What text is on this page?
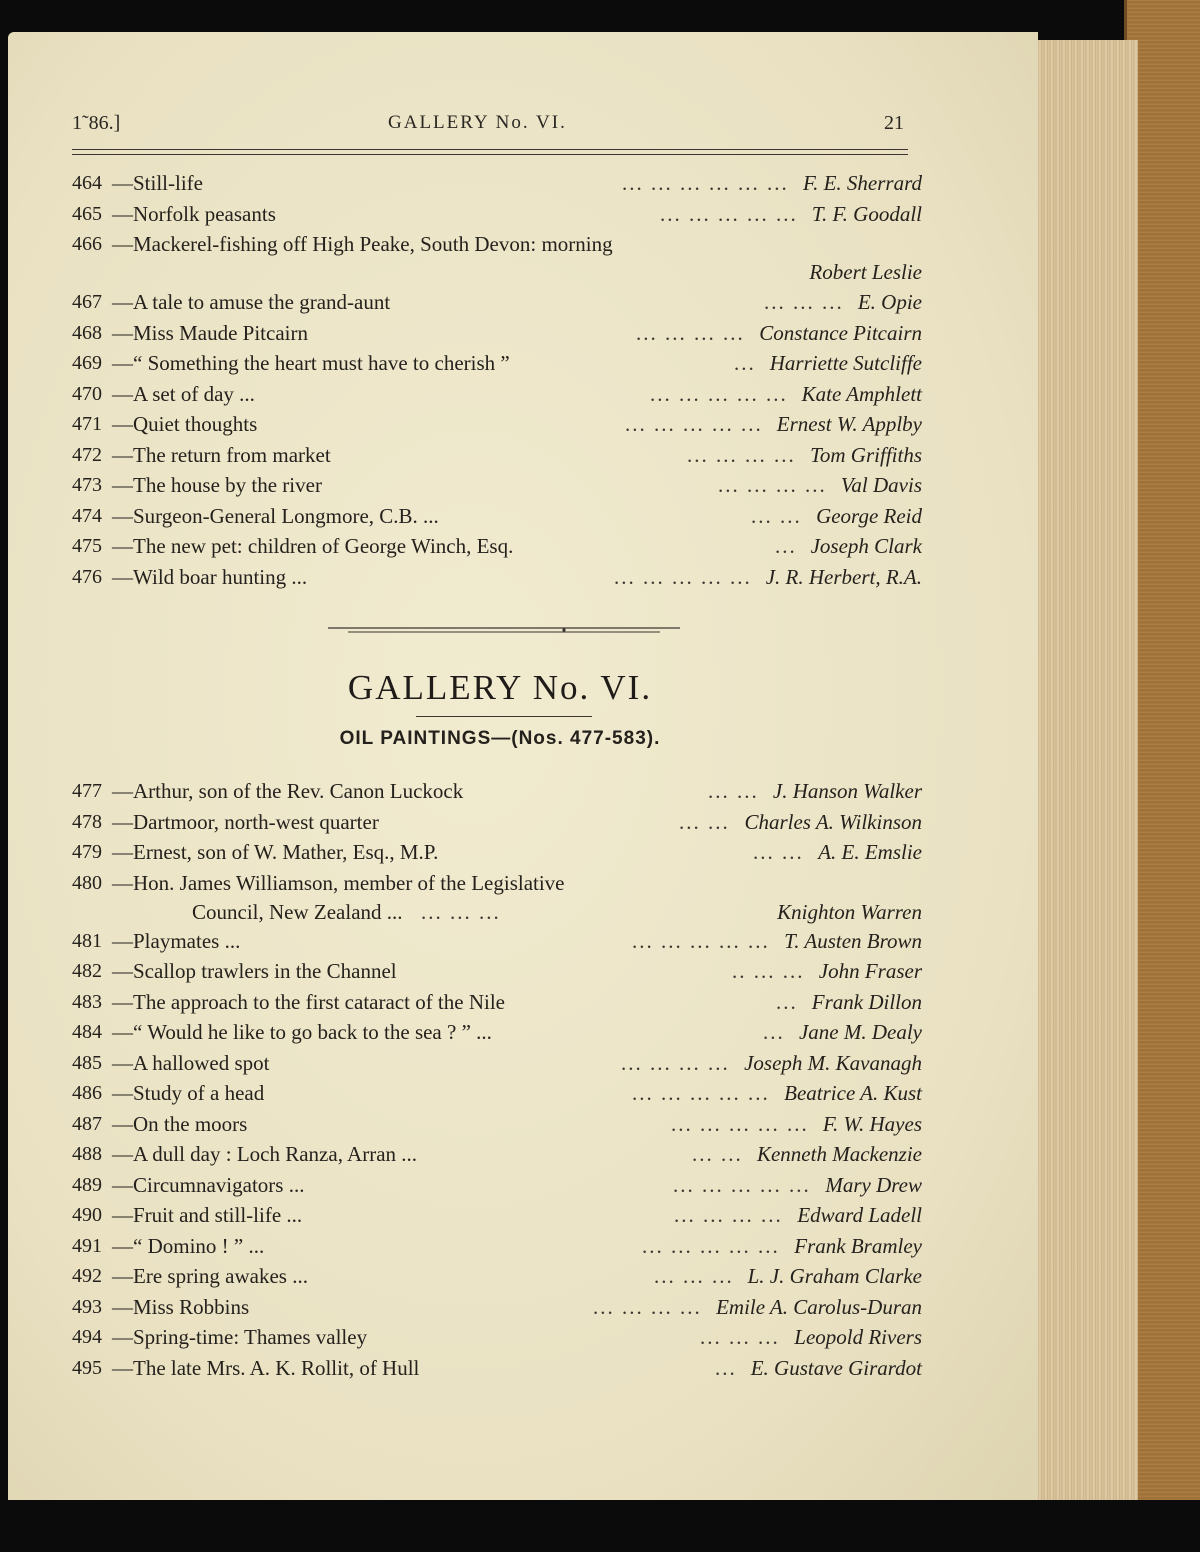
1˜86.]	GALLERY No. VI.	21
464 —Still-life	... ... ... ... ... ... F. E. Sherrard
465 —Norfolk peasants	... ... ... ... ... T. F. Goodall
466 —Mackerel-fishing off High Peake, South Devon: morning
Robert Leslie
467 —A tale to amuse the grand-aunt	... ... ... E. Opie
468 —Miss Maude Pitcairn	... ... ... ... Constance Pitcairn
469 —“ Something the heart must have to cherish ”	... Harriette Sutcliffe
470 —A set of day ...	... ... ... ... ... Kate Amphlett
471 —Quiet thoughts	... ... ... ... ... Ernest W. Applby
472 —The return from market	... ... ... ... Tom Griffiths
473 —The house by the river	... ... ... ... Val Davis
474 —Surgeon-General Longmore, C.B. ...	... ... George Reid
475 —The new pet: children of George Winch, Esq.	... Joseph Clark
476 —Wild boar hunting ...	... ... ... ... ... J. R. Herbert, R.A.
GALLERY No. VI.
OIL PAINTINGS—(Nos. 477-583).
477 —Arthur, son of the Rev. Canon Luckock	... ... J. Hanson Walker
478 —Dartmoor, north-west quarter	... ... Charles A. Wilkinson
479 —Ernest, son of W. Mather, Esq., M.P.	... ... A. E. Emslie
480 —Hon. James Williamson, member of the Legislative
Council, New Zealand ... ... ... ...	Knighton Warren
481 —Playmates ...	... ... ... ... ... T. Austen Brown
482 —Scallop trawlers in the Channel	.. ... ... John Fraser
483 —The approach to the first cataract of the Nile	... Frank Dillon
484 —“ Would he like to go back to the sea ? ” ...	... Jane M. Dealy
485 —A hallowed spot	... ... ... ... Joseph M. Kavanagh
486 —Study of a head	... ... ... ... ... Beatrice A. Kust
487 —On the moors	... ... ... ... ... F. W. Hayes
488 —A dull day : Loch Ranza, Arran ...	... ... Kenneth Mackenzie
489 —Circumnavigators ...	... ... ... ... ... Mary Drew
490 —Fruit and still-life ...	... ... ... ... Edward Ladell
491 —“ Domino ! ” ...	... ... ... ... ... Frank Bramley
492 —Ere spring awakes ...	... ... ... L. J. Graham Clarke
493 —Miss Robbins	... ... ... ... Emile A. Carolus-Duran
494 —Spring-time: Thames valley	... ... ... Leopold Rivers
495 —The late Mrs. A. K. Rollit, of Hull	... E. Gustave Girardot
